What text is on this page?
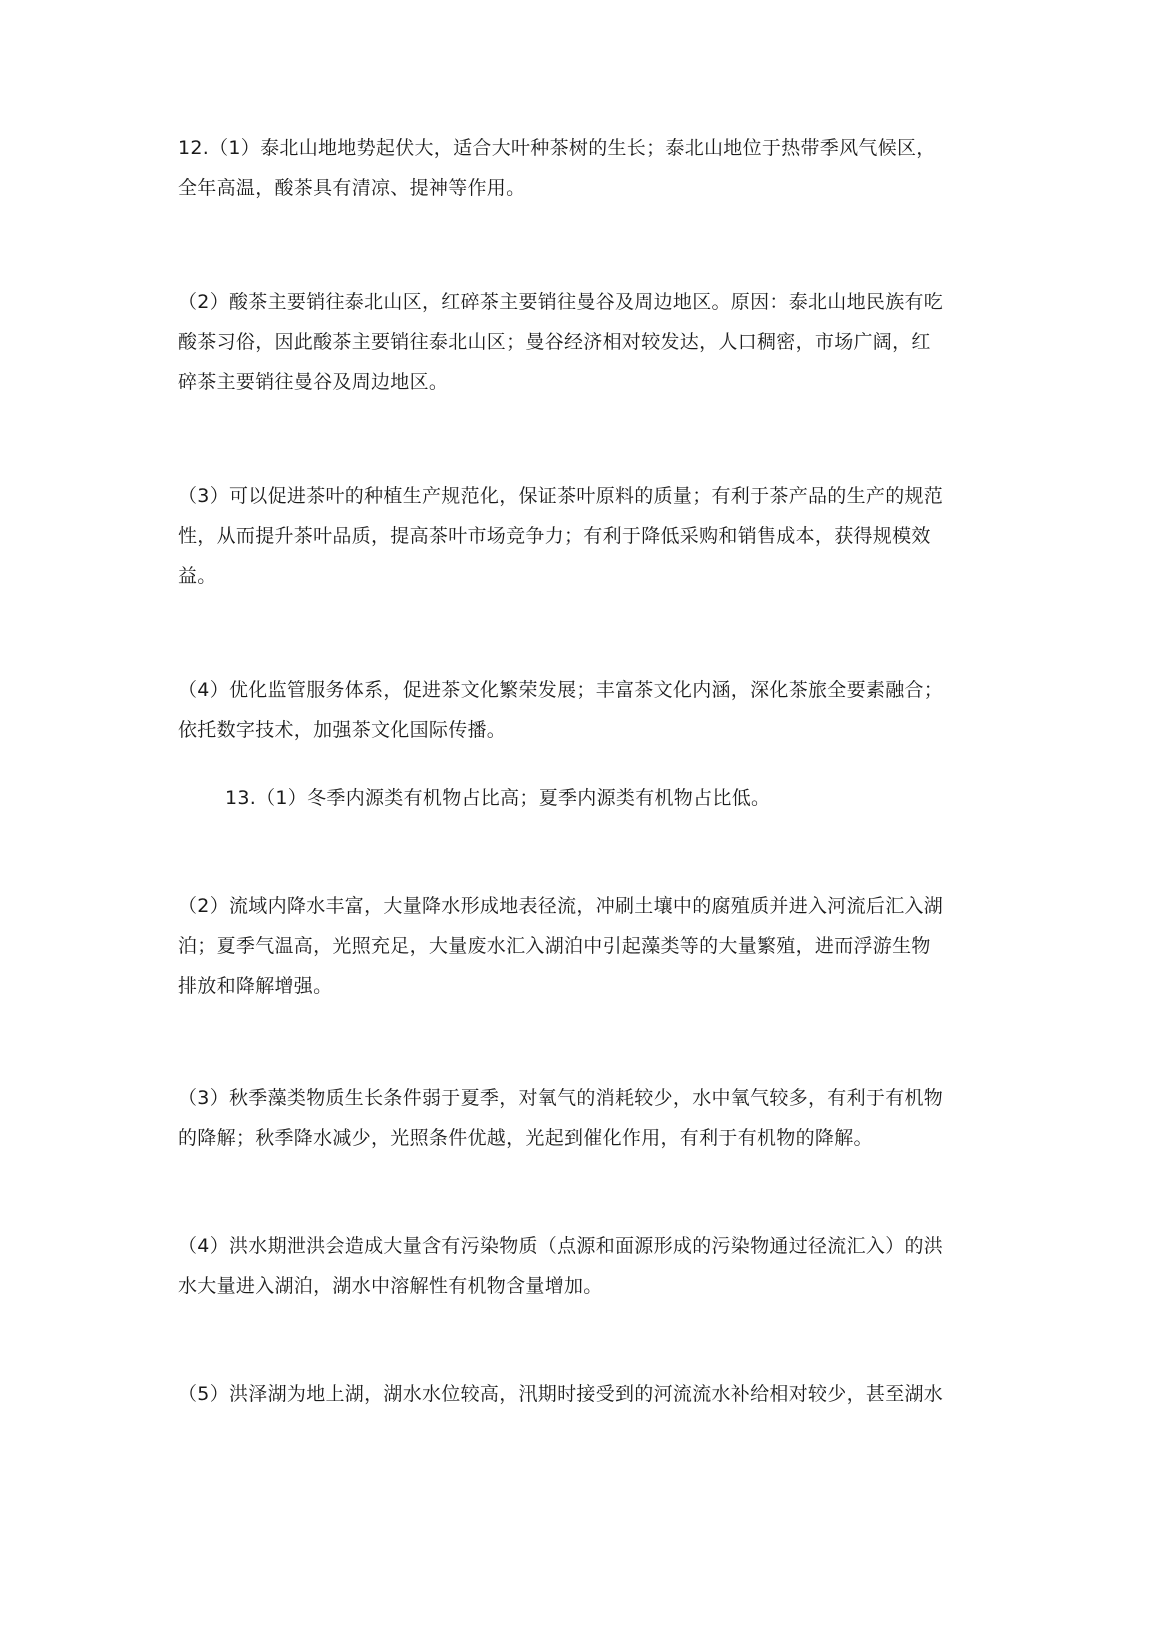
12.（1）泰北山地地势起伏大，适合大叶种茶树的生长；泰北山地位于热带季风气候区，
全年高温，酸茶具有清凉、提神等作用。
（2）酸茶主要销往泰北山区，红碎茶主要销往曼谷及周边地区。原因：泰北山地民族有吃
酸茶习俗，因此酸茶主要销往泰北山区；曼谷经济相对较发达，人口稠密，市场广阔，红
碎茶主要销往曼谷及周边地区。
（3）可以促进茶叶的种植生产规范化，保证茶叶原料的质量；有利于茶产品的生产的规范
性，从而提升茶叶品质，提高茶叶市场竞争力；有利于降低采购和销售成本，获得规模效
益。
（4）优化监管服务体系，促进茶文化繁荣发展；丰富茶文化内涵，深化茶旅全要素融合；
依托数字技术，加强茶文化国际传播。
13.（1）冬季内源类有机物占比高；夏季内源类有机物占比低。
（2）流域内降水丰富，大量降水形成地表径流，冲刷土壤中的腐殖质并进入河流后汇入湖
泊；夏季气温高，光照充足，大量废水汇入湖泊中引起藻类等的大量繁殖，进而浮游生物
排放和降解增强。
（3）秋季藻类物质生长条件弱于夏季，对氧气的消耗较少，水中氧气较多，有利于有机物
的降解；秋季降水减少，光照条件优越，光起到催化作用，有利于有机物的降解。
（4）洪水期泄洪会造成大量含有污染物质（点源和面源形成的污染物通过径流汇入）的洪
水大量进入湖泊，湖水中溶解性有机物含量增加。
（5）洪泽湖为地上湖，湖水水位较高，汛期时接受到的河流流水补给相对较少，甚至湖水
